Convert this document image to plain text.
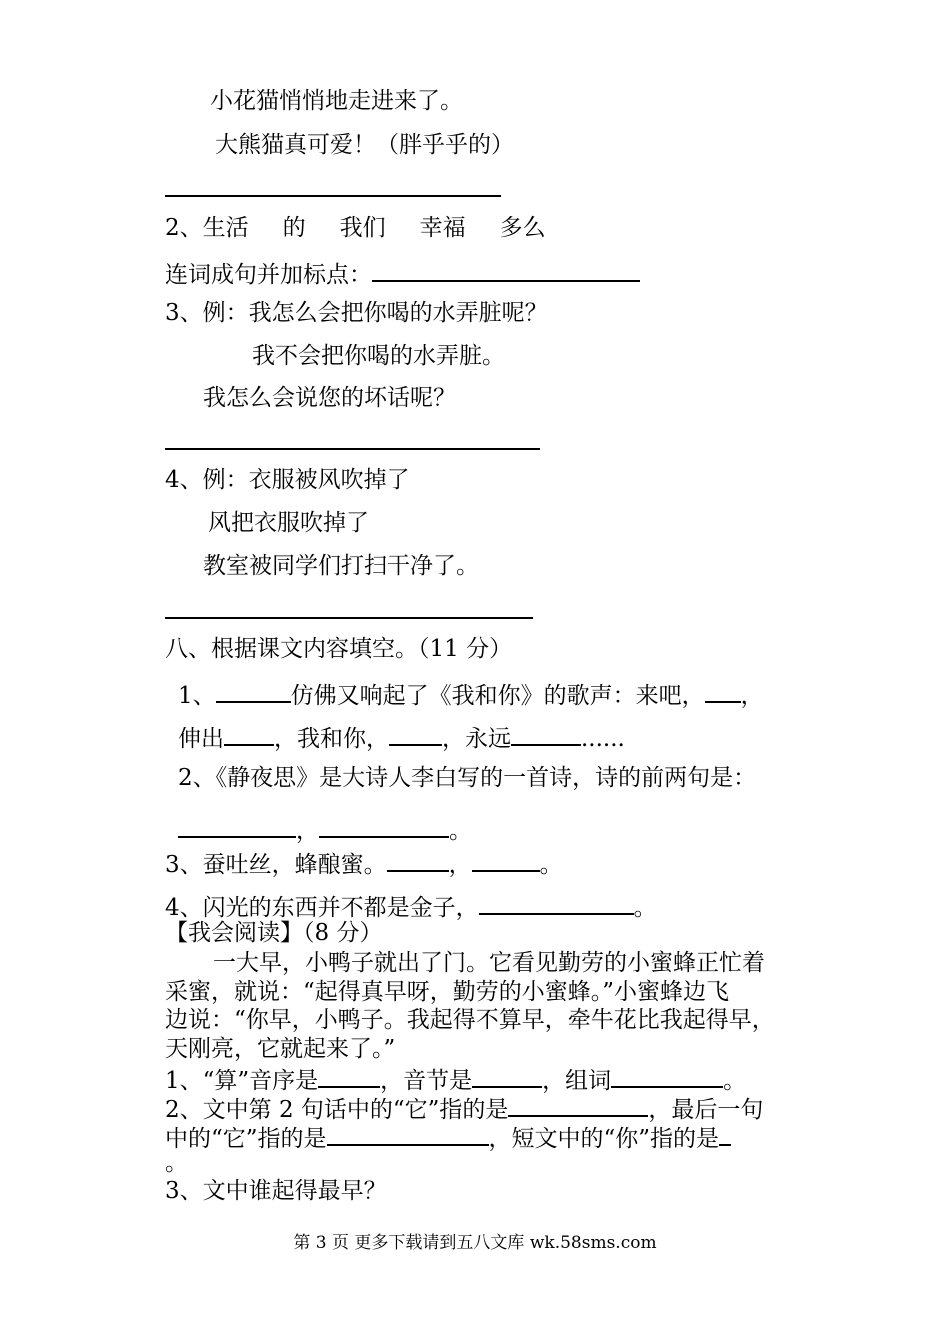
小花猫悄悄地走进来了。
大熊猫真可爱！（胖乎乎的）
2、生活 的 我们 幸福 多么
连词成句并加标点：
3、例：我怎么会把你喝的水弄脏呢？
我不会把你喝的水弄脏。
我怎么会说您的坏话呢？
4、例：衣服被风吹掉了
风把衣服吹掉了
教室被同学们打扫干净了。
八、根据课文内容填空。（11 分）
1、	仿佛又响起了《我和你》的歌声：来吧， ，
伸出 ，我和你， ，永远	......
2、《静夜思》是大诗人李白写的一首诗，诗的前两句是：
，	。
3、蚕吐丝，蜂酿蜜。	，	。
4、闪光的东西并不都是金子，	。
【我会阅读】（8 分）
一大早，小鸭子就出了门。它看见勤劳的小蜜蜂正忙着
采蜜，就说：“起得真早呀，勤劳的小蜜蜂。”小蜜蜂边飞
边说：“你早，小鸭子。我起得不算早，牵牛花比我起得早，
天刚亮，它就起来了。”
1、“算”音序是	，音节是	，组词	。
2、文中第 2 句话中的“它”指的是	，最后一句
中的“它”指的是	，短文中的“你”指的是
。
3、文中谁起得最早？
第 3 页 更多下载请到五八文库 wk.58sms.com
